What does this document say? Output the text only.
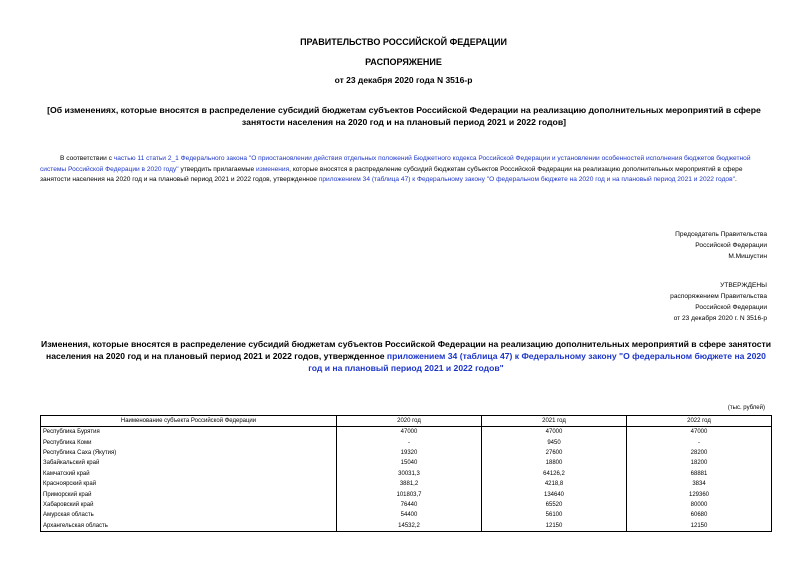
ПРАВИТЕЛЬСТВО РОССИЙСКОЙ ФЕДЕРАЦИИ
РАСПОРЯЖЕНИЕ
от 23 декабря 2020 года N 3516-р
[Об изменениях, которые вносятся в распределение субсидий бюджетам субъектов Российской Федерации на реализацию дополнительных мероприятий в сфере занятости населения на 2020 год и на плановый период 2021 и 2022 годов]
В соответствии с частью 11 статьи 2_1 Федерального закона "О приостановлении действия отдельных положений Бюджетного кодекса Российской Федерации и установлении особенностей исполнения бюджетов бюджетной системы Российской Федерации в 2020 году" утвердить прилагаемые изменения, которые вносятся в распределение субсидий бюджетам субъектов Российской Федерации на реализацию дополнительных мероприятий в сфере занятости населения на 2020 год и на плановый период 2021 и 2022 годов, утвержденное приложением 34 (таблица 47) к Федеральному закону "О федеральном бюджете на 2020 год и на плановый период 2021 и 2022 годов".
Председатель Правительства
Российской Федерации
М.Мишустин
УТВЕРЖДЕНЫ
распоряжением Правительства
Российской Федерации
от 23 декабря 2020 г. N 3516-р
Изменения, которые вносятся в распределение субсидий бюджетам субъектов Российской Федерации на реализацию дополнительных мероприятий в сфере занятости населения на 2020 год и на плановый период 2021 и 2022 годов, утвержденное приложением 34 (таблица 47) к Федеральному закону "О федеральном бюджете на 2020 год и на плановый период 2021 и 2022 годов"
(тыс. рублей)
Наименование субъекта Российской Федерации	2020 год	2021 год	2022 год
Республика Бурятия	47000	47000	47000
Республика Коми	-	9450	-
Республика Саха (Якутия)	19320	27600	28200
Забайкальский край	15040	18800	18200
Камчатский край	30031,3	64126,2	68881
Красноярский край	3881,2	4218,8	3834
Приморский край	101803,7	134640	129360
Хабаровский край	76440	65520	80000
Амурская область	54400	56100	60680
Архангельская область	14532,2	12150	12150
